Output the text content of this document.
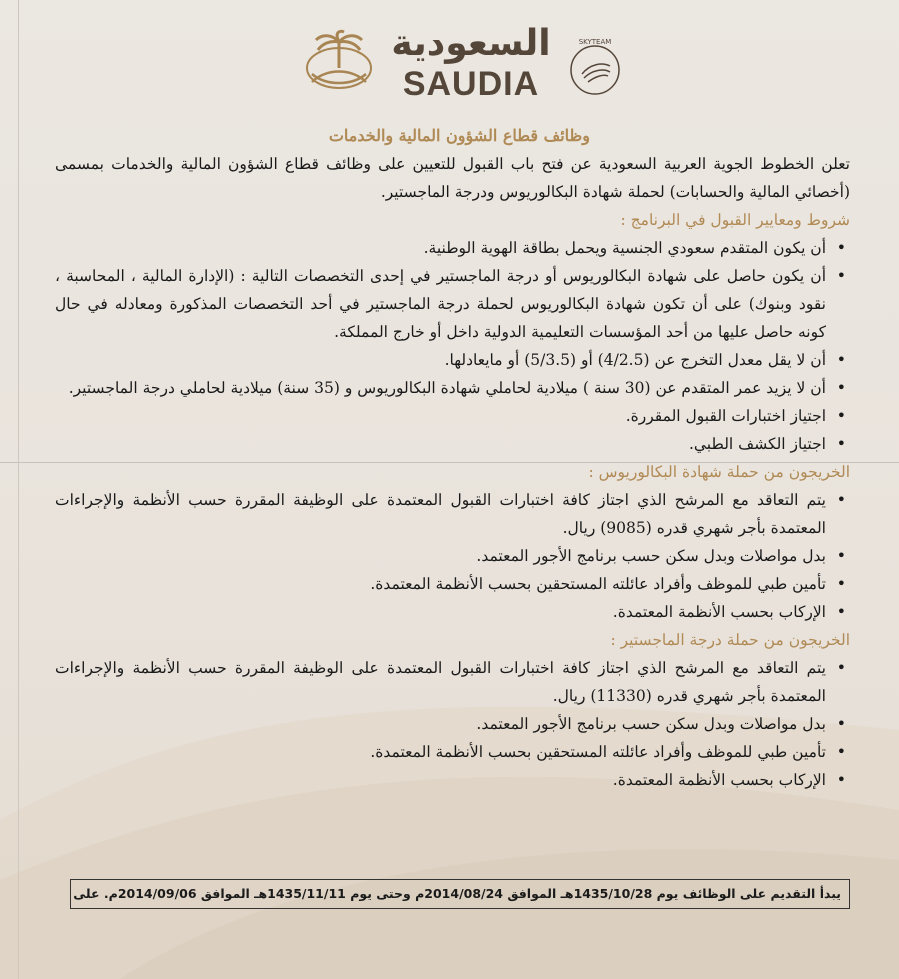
السعودية
SAUDIA
SKYTEAM

وظائف قطاع الشؤون المالية والخدمات

تعلن الخطوط الجوية العربية السعودية عن فتح باب القبول للتعيين على وظائف قطاع الشؤون المالية والخدمات بمسمى (أخصائي المالية والحسابات) لحملة شهادة البكالوريوس ودرجة الماجستير.

شروط ومعايير القبول في البرنامج :

• أن يكون المتقدم سعودي الجنسية ويحمل بطاقة الهوية الوطنية.
• أن يكون حاصل على شهادة البكالوريوس أو درجة الماجستير في إحدى التخصصات التالية : (الإدارة المالية ، المحاسبة ، نقود وبنوك) على أن تكون شهادة البكالوريوس لحملة درجة الماجستير في أحد التخصصات المذكورة ومعادله في حال كونه حاصل عليها من أحد المؤسسات التعليمية الدولية داخل أو خارج المملكة.
• أن لا يقل معدل التخرج عن (4/2.5) أو (5/3.5) أو مايعادلها.
• أن لا يزيد عمر المتقدم عن (30 سنة ) ميلادية لحاملي شهادة البكالوريوس و (35 سنة) ميلادية لحاملي درجة الماجستير.
• اجتياز اختبارات القبول المقررة.
• اجتياز الكشف الطبي.

الخريجون من حملة شهادة البكالوريوس :

• يتم التعاقد مع المرشح الذي اجتاز كافة اختبارات القبول المعتمدة على الوظيفة المقررة حسب الأنظمة والإجراءات المعتمدة بأجر شهري قدره (9085) ريال.
• بدل مواصلات وبدل سكن حسب برنامج الأجور المعتمد.
• تأمين طبي للموظف وأفراد عائلته المستحقين بحسب الأنظمة المعتمدة.
• الإركاب بحسب الأنظمة المعتمدة.

الخريجون من حملة درجة الماجستير :

• يتم التعاقد مع المرشح الذي اجتاز كافة اختبارات القبول المعتمدة على الوظيفة المقررة حسب الأنظمة والإجراءات المعتمدة بأجر شهري قدره (11330) ريال.
• بدل مواصلات وبدل سكن حسب برنامج الأجور المعتمد.
• تأمين طبي للموظف وأفراد عائلته المستحقين بحسب الأنظمة المعتمدة.
• الإركاب بحسب الأنظمة المعتمدة.
يبدأ التقديم على الوظائف يوم 1435/10/28هـ الموافق 2014/08/24م وحتى يوم 1435/11/11هـ الموافق 2014/09/06م. على
